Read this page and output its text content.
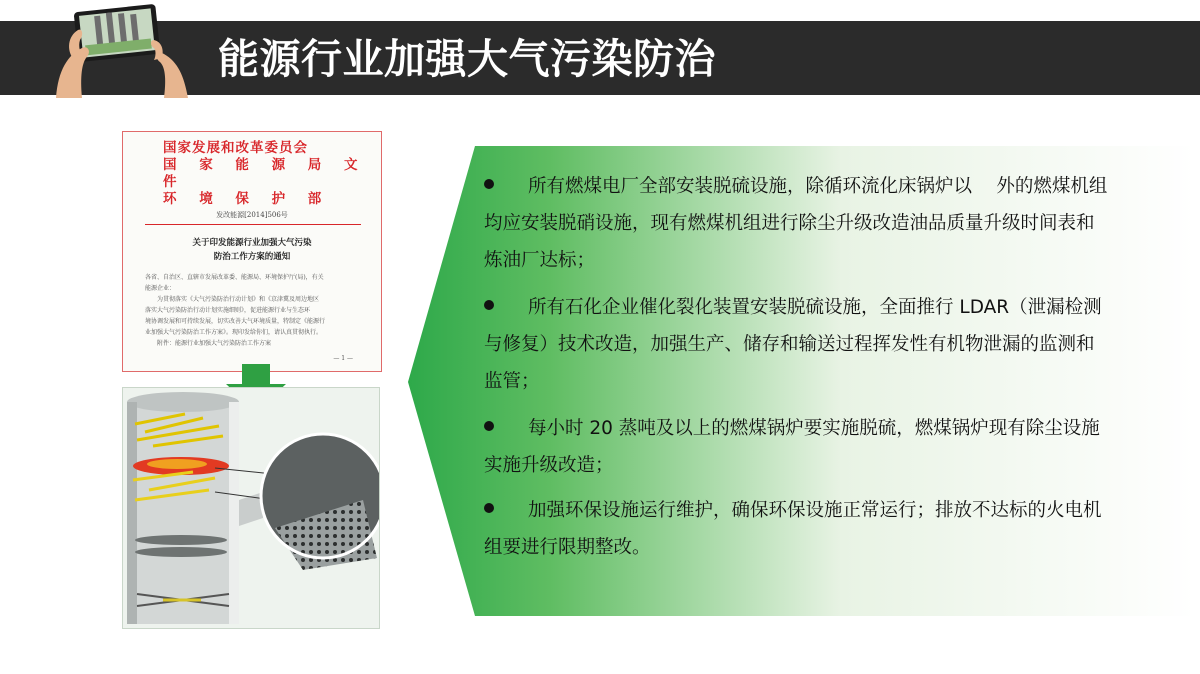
能源行业加强大气污染防治
国家发展和改革委员会
国 家 能 源 局 文件
环 境 保 护 部
发改能源[2014]506号
关于印发能源行业加强大气污染
防治工作方案的通知
各省、自治区、直辖市发展改革委、能源局、环境保护厅(局)，有关
能源企业：
　　为贯彻落实《大气污染防治行动计划》和《京津冀及周边地区
落实大气污染防治行动计划实施细则》，促进能源行业与生态环
境协调发展和可持续发展，切实改善大气环境质量，特制定《能源行
业加强大气污染防治工作方案》。现印发给你们，请认真贯彻执行。
　　附件：能源行业加强大气污染防治工作方案
— 1 —
所有燃煤电厂全部安装脱硫设施，除循环流化床锅炉以　 外的燃煤机组均应安装脱硝设施，现有燃煤机组进行除尘升级改造油品质量升级时间表和炼油厂达标；
所有石化企业催化裂化装置安装脱硫设施，全面推行 LDAR（泄漏检测与修复）技术改造，加强生产、储存和输送过程挥发性有机物泄漏的监测和监管；
每小时 20 蒸吨及以上的燃煤锅炉要实施脱硫，燃煤锅炉现有除尘设施实施升级改造；
加强环保设施运行维护，确保环保设施正常运行；排放不达标的火电机组要进行限期整改。
